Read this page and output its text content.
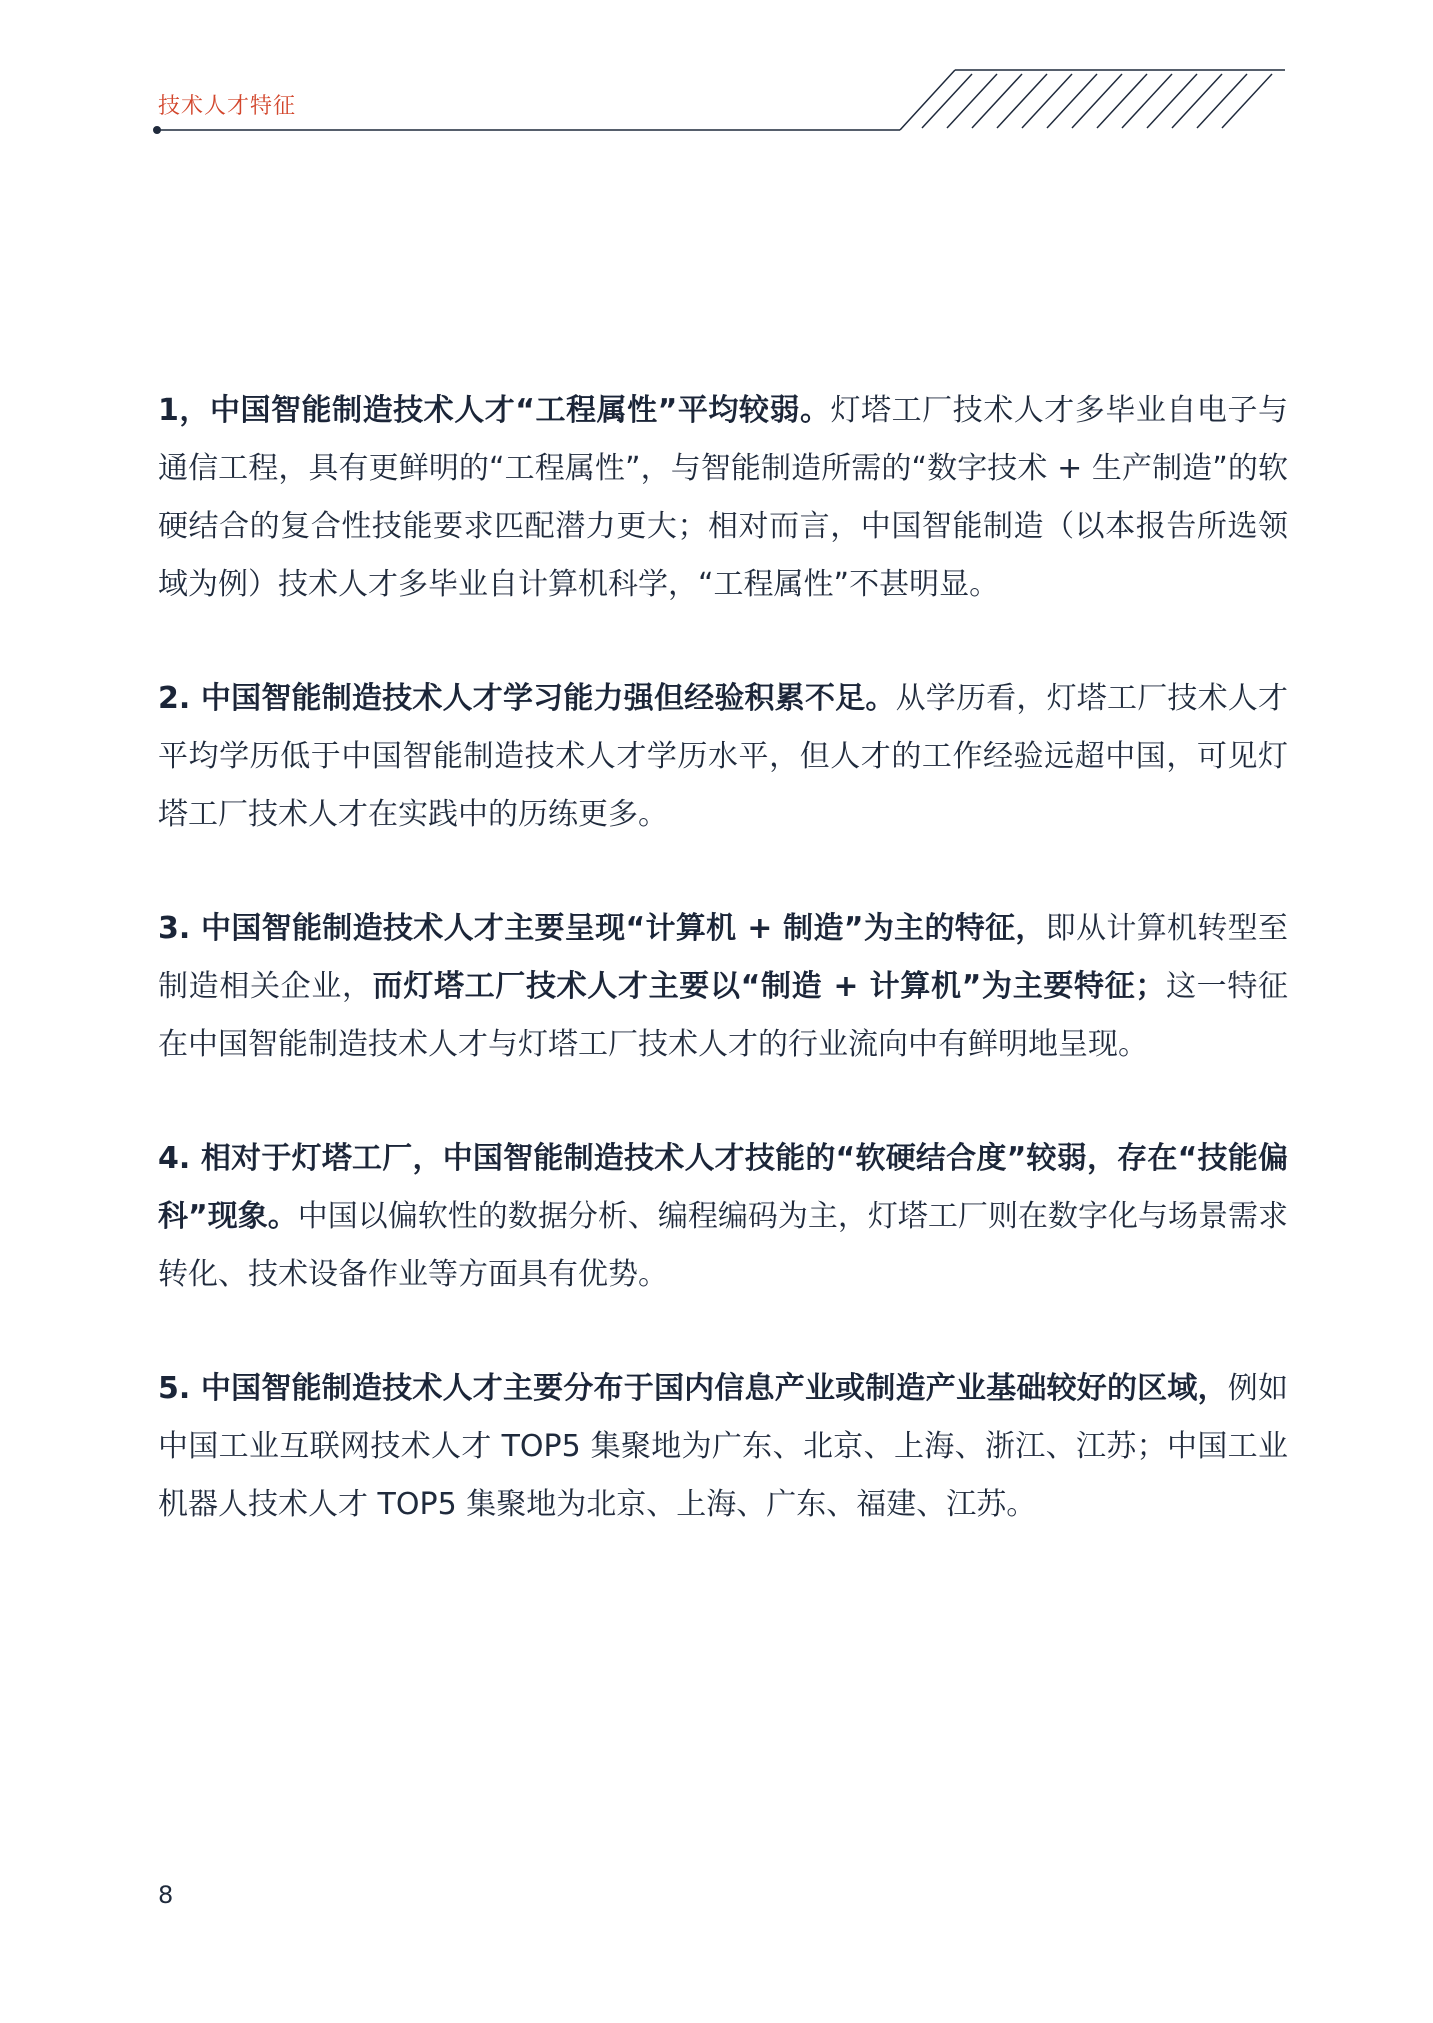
技术人才特征

1，中国智能制造技术人才“工程属性”平均较弱。灯塔工厂技术人才多毕业自电子与通信工程，具有更鲜明的“工程属性”，与智能制造所需的“数字技术 + 生产制造”的软硬结合的复合性技能要求匹配潜力更大；相对而言，中国智能制造（以本报告所选领域为例）技术人才多毕业自计算机科学，“工程属性”不甚明显。

2. 中国智能制造技术人才学习能力强但经验积累不足。从学历看，灯塔工厂技术人才平均学历低于中国智能制造技术人才学历水平，但人才的工作经验远超中国，可见灯塔工厂技术人才在实践中的历练更多。

3. 中国智能制造技术人才主要呈现“计算机 + 制造”为主的特征，即从计算机转型至制造相关企业，而灯塔工厂技术人才主要以“制造 + 计算机”为主要特征；这一特征在中国智能制造技术人才与灯塔工厂技术人才的行业流向中有鲜明地呈现。

4. 相对于灯塔工厂，中国智能制造技术人才技能的“软硬结合度”较弱，存在“技能偏科”现象。中国以偏软性的数据分析、编程编码为主，灯塔工厂则在数字化与场景需求转化、技术设备作业等方面具有优势。

5. 中国智能制造技术人才主要分布于国内信息产业或制造产业基础较好的区域，例如中国工业互联网技术人才 TOP5 集聚地为广东、北京、上海、浙江、江苏；中国工业机器人技术人才 TOP5 集聚地为北京、上海、广东、福建、江苏。

8
